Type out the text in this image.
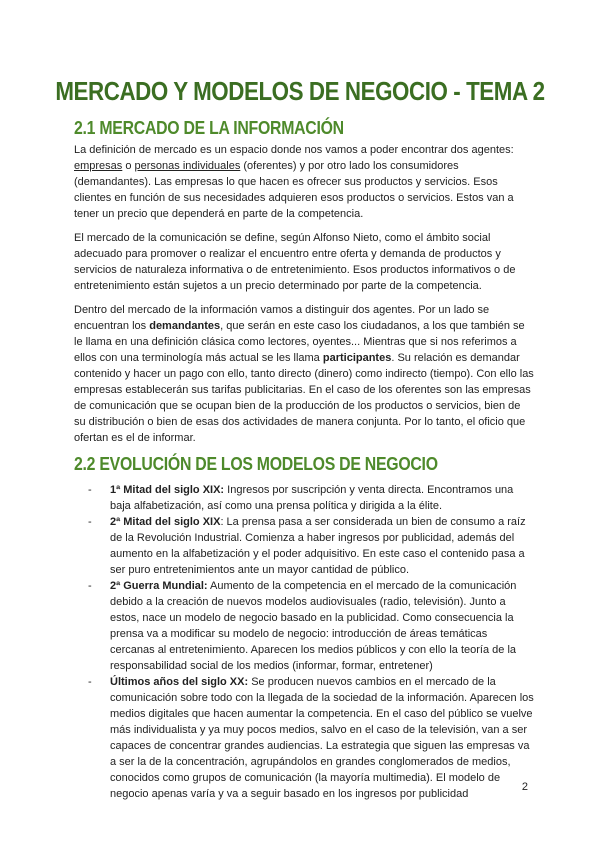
MERCADO Y MODELOS DE NEGOCIO - TEMA 2
2.1 MERCADO DE LA INFORMACIÓN

La definición de mercado es un espacio donde nos vamos a poder encontrar dos agentes: empresas o personas individuales (oferentes) y por otro lado los consumidores (demandantes). Las empresas lo que hacen es ofrecer sus productos y servicios. Esos clientes en función de sus necesidades adquieren esos productos o servicios. Estos van a tener un precio que dependerá en parte de la competencia.

El mercado de la comunicación se define, según Alfonso Nieto, como el ámbito social adecuado para promover o realizar el encuentro entre oferta y demanda de productos y servicios de naturaleza informativa o de entretenimiento. Esos productos informativos o de entretenimiento están sujetos a un precio determinado por parte de la competencia.

Dentro del mercado de la información vamos a distinguir dos agentes. Por un lado se encuentran los demandantes, que serán en este caso los ciudadanos, a los que también se le llama en una definición clásica como lectores, oyentes... Mientras que si nos referimos a ellos con una terminología más actual se les llama participantes. Su relación es demandar contenido y hacer un pago con ello, tanto directo (dinero) como indirecto (tiempo). Con ello las empresas establecerán sus tarifas publicitarias. En el caso de los oferentes son las empresas de comunicación que se ocupan bien de la producción de los productos o servicios, bien de su distribución o bien de esas dos actividades de manera conjunta. Por lo tanto, el oficio que ofertan es el de informar.

2.2 EVOLUCIÓN DE LOS MODELOS DE NEGOCIO
- 1ª Mitad del siglo XIX: Ingresos por suscripción y venta directa. Encontramos una baja alfabetización, así como una prensa política y dirigida a la élite.
- 2ª Mitad del siglo XIX: La prensa pasa a ser considerada un bien de consumo a raíz de la Revolución Industrial. Comienza a haber ingresos por publicidad, además del aumento en la alfabetización y el poder adquisitivo. En este caso el contenido pasa a ser puro entretenimientos ante un mayor cantidad de público.
- 2ª Guerra Mundial: Aumento de la competencia en el mercado de la comunicación debido a la creación de nuevos modelos audiovisuales (radio, televisión). Junto a estos, nace un modelo de negocio basado en la publicidad. Como consecuencia la prensa va a modificar su modelo de negocio: introducción de áreas temáticas cercanas al entretenimiento. Aparecen los medios públicos y con ello la teoría de la responsabilidad social de los medios (informar, formar, entretener)
- Últimos años del siglo XX: Se producen nuevos cambios en el mercado de la comunicación sobre todo con la llegada de la sociedad de la información. Aparecen los medios digitales que hacen aumentar la competencia. En el caso del público se vuelve más individualista y ya muy pocos medios, salvo en el caso de la televisión, van a ser capaces de concentrar grandes audiencias. La estrategia que siguen las empresas va a ser la de la concentración, agrupándolos en grandes conglomerados de medios, conocidos como grupos de comunicación (la mayoría multimedia). El modelo de negocio apenas varía y va a seguir basado en los ingresos por publicidad
2
